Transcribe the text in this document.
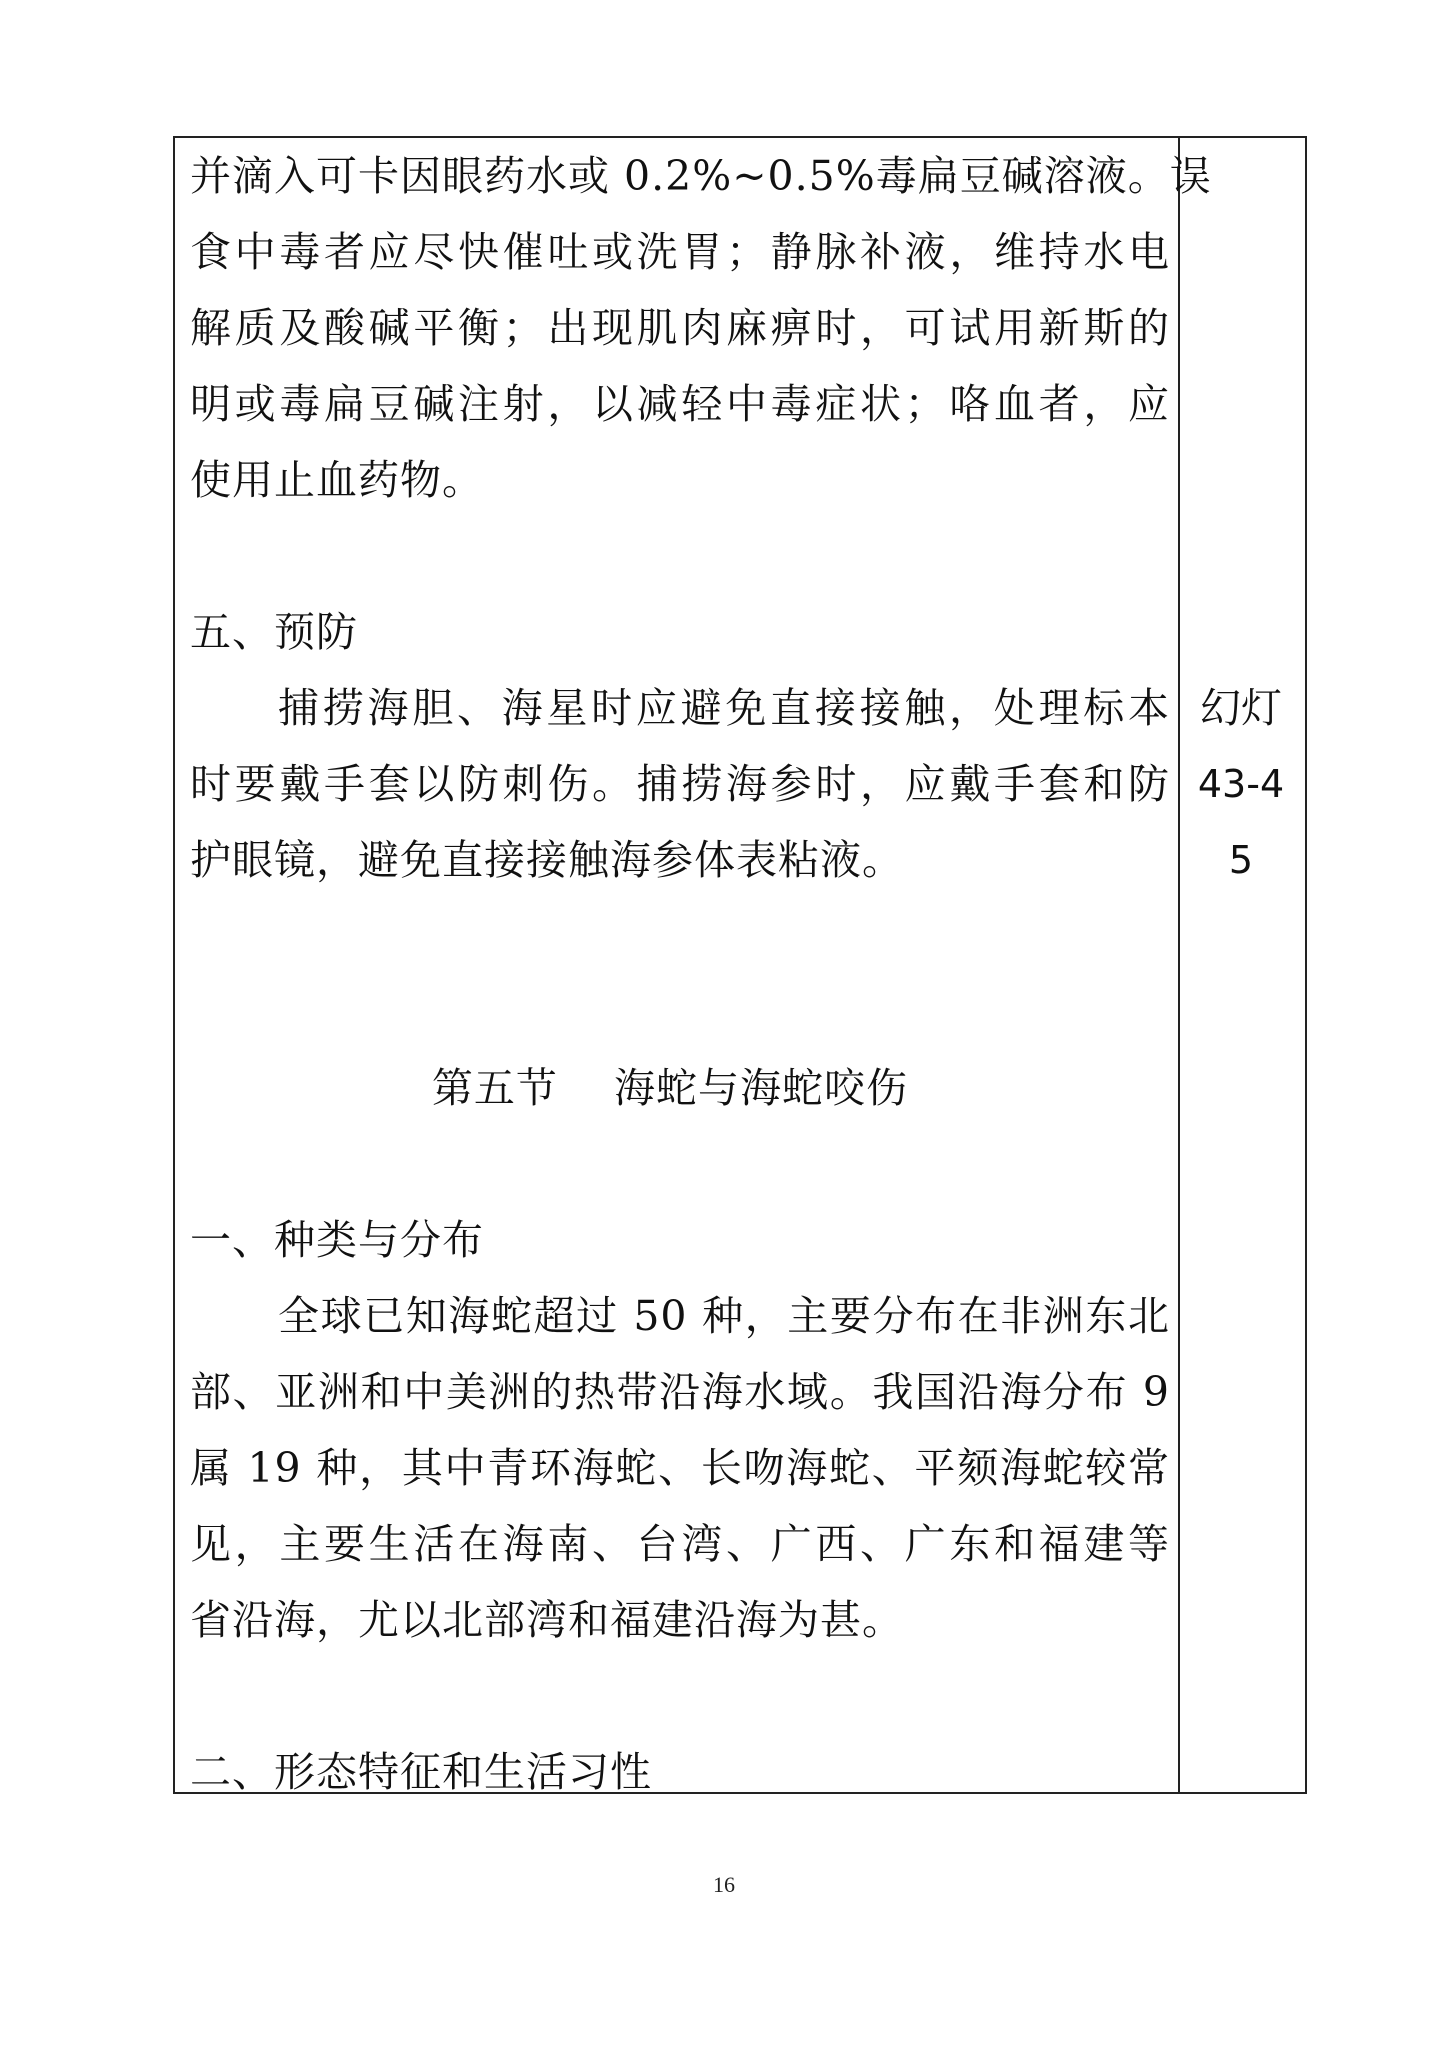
并滴入可卡因眼药水或 0.2%~0.5%毒扁豆碱溶液。误
食中毒者应尽快催吐或洗胃；静脉补液，维持水电
解质及酸碱平衡；出现肌肉麻痹时，可试用新斯的
明或毒扁豆碱注射，以减轻中毒症状；咯血者，应
使用止血药物。
五、预防
捕捞海胆、海星时应避免直接接触，处理标本
时要戴手套以防刺伤。捕捞海参时，应戴手套和防
护眼镜，避免直接接触海参体表粘液。
幻灯
43-4
5
第五节    海蛇与海蛇咬伤
一、种类与分布
全球已知海蛇超过 50 种，主要分布在非洲东北
部、亚洲和中美洲的热带沿海水域。我国沿海分布 9
属 19 种，其中青环海蛇、长吻海蛇、平颏海蛇较常
见，主要生活在海南、台湾、广西、广东和福建等
省沿海，尤以北部湾和福建沿海为甚。
二、形态特征和生活习性
16
